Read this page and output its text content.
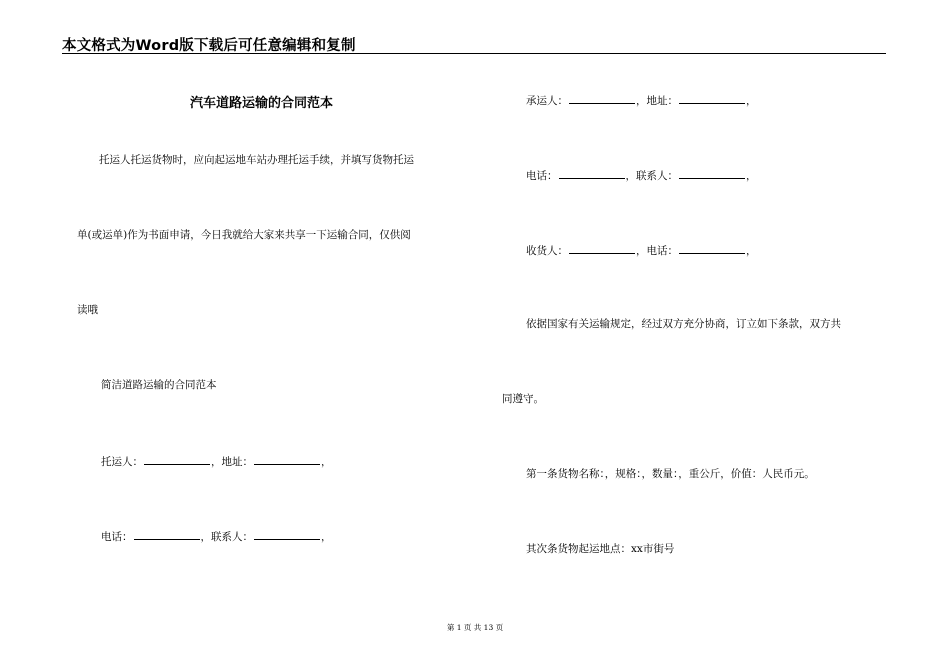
本文格式为Word版下载后可任意编辑和复制
汽车道路运输的合同范本
托运人托运货物时，应向起运地车站办理托运手续，并填写货物托运
单(或运单)作为书面申请，今日我就给大家来共享一下运输合同，仅供阅
读哦
简洁道路运输的合同范本
托运人：	，地址：	，
电话：	，联系人：	，
承运人：	，地址：	，
电话：	，联系人：	，
收货人：	，电话：	，
依据国家有关运输规定，经过双方充分协商，订立如下条款，双方共
同遵守。
第一条货物名称：，规格：，数量：，重公斤，价值：人民币元。
其次条货物起运地点：xx市街号
第 1 页 共 13 页
